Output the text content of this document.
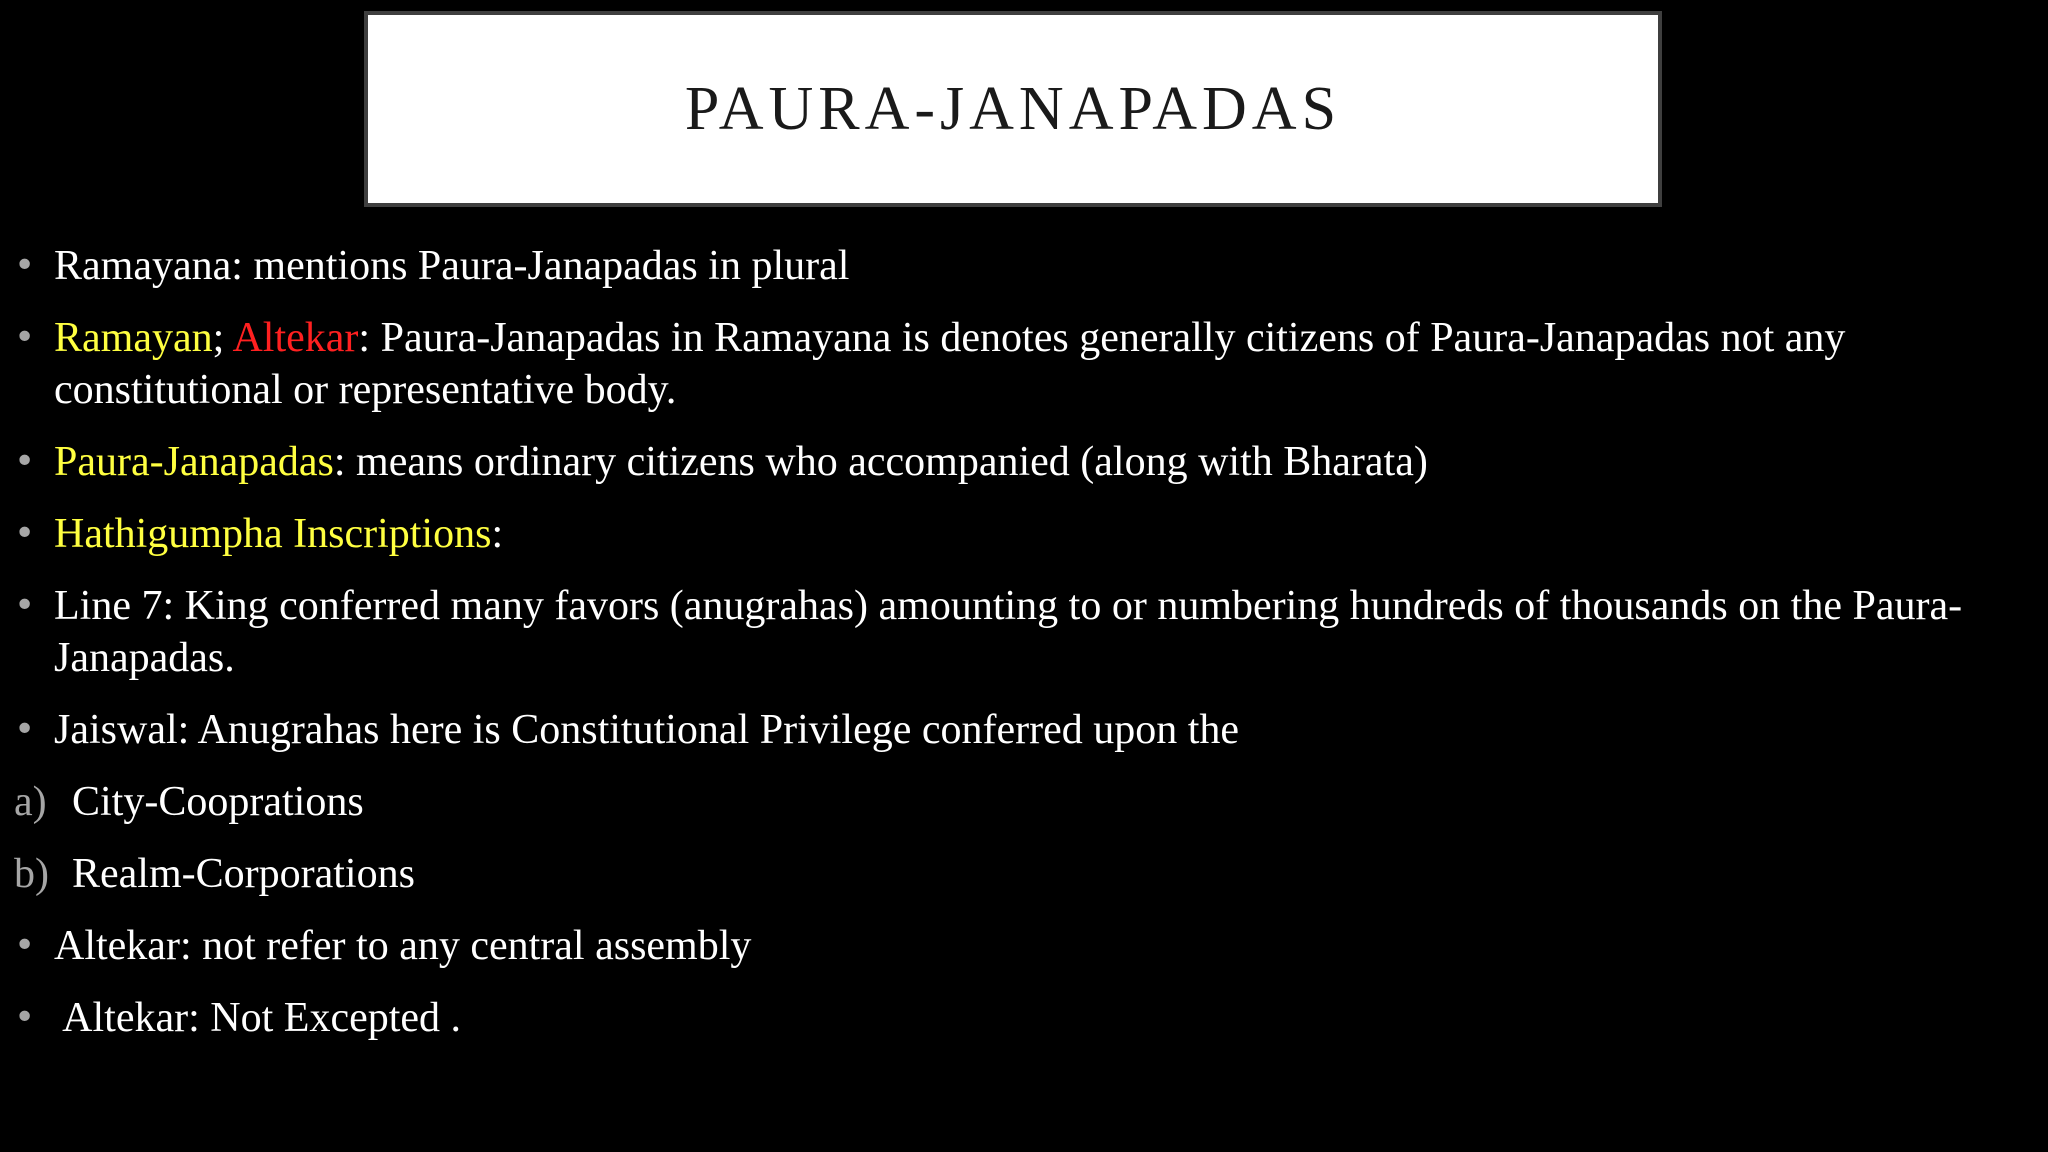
PAURA-JANAPADAS
• Ramayana: mentions Paura-Janapadas in plural
• Ramayan; Altekar: Paura-Janapadas in Ramayana is denotes generally citizens of Paura-Janapadas not any constitutional or representative body.
• Paura-Janapadas: means ordinary citizens who accompanied (along with Bharata)
• Hathigumpha Inscriptions:
• Line 7: King conferred many favors (anugrahas) amounting to or numbering hundreds of thousands on the Paura-Janapadas.
• Jaiswal: Anugrahas here is Constitutional Privilege conferred upon the
a) City-Cooprations
b) Realm-Corporations
• Altekar: not refer to any central assembly
• Altekar: Not Excepted .
